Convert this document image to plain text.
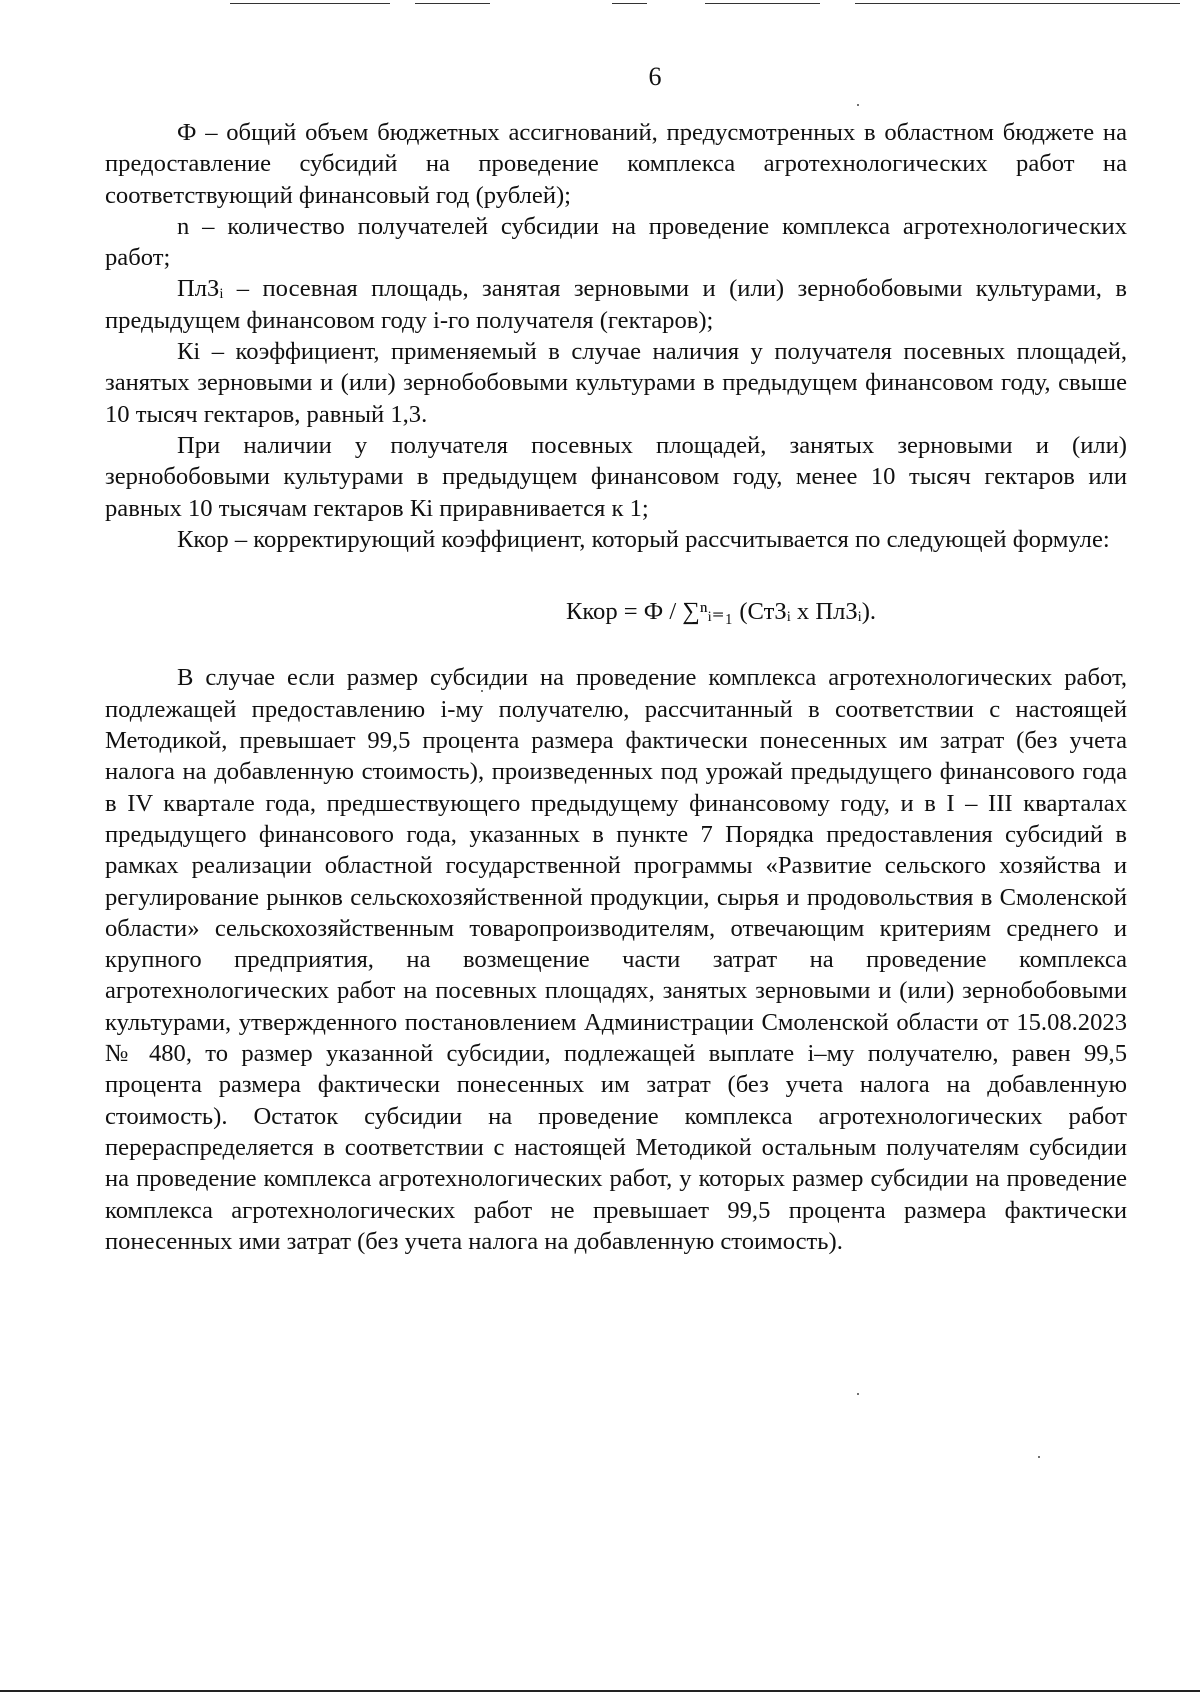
6

Ф – общий объем бюджетных ассигнований, предусмотренных в областном бюджете на предоставление субсидий на проведение комплекса агротехнологических работ на соответствующий финансовый год (рублей);

n – количество получателей субсидии на проведение комплекса агротехнологических работ;

ПлЗᵢ – посевная площадь, занятая зерновыми и (или) зернобобовыми культурами, в предыдущем финансовом году i-го получателя (гектаров);

Кi – коэффициент, применяемый в случае наличия у получателя посевных площадей, занятых зерновыми и (или) зернобобовыми культурами в предыдущем финансовом году, свыше 10 тысяч гектаров, равный 1,3.

При наличии у получателя посевных площадей, занятых зерновыми и (или) зернобобовыми культурами в предыдущем финансовом году, менее 10 тысяч гектаров или равных 10 тысячам гектаров Кi приравнивается к 1;

Ккор – корректирующий коэффициент, который рассчитывается по следующей формуле:

Ккор = Ф / ∑ⁿᵢ₌₁ (СтЗᵢ х ПлЗᵢ).

В случае если размер субсидии на проведение комплекса агротехнологических работ, подлежащей предоставлению i-му получателю, рассчитанный в соответствии с настоящей Методикой, превышает 99,5 процента размера фактически понесенных им затрат (без учета налога на добавленную стоимость), произведенных под урожай предыдущего финансового года в IV квартале года, предшествующего предыдущему финансовому году, и в I – III кварталах предыдущего финансового года, указанных в пункте 7 Порядка предоставления субсидий в рамках реализации областной государственной программы «Развитие сельского хозяйства и регулирование рынков сельскохозяйственной продукции, сырья и продовольствия в Смоленской области» сельскохозяйственным товаропроизводителям, отвечающим критериям среднего и крупного предприятия, на возмещение части затрат на проведение комплекса агротехнологических работ на посевных площадях, занятых зерновыми и (или) зернобобовыми культурами, утвержденного постановлением Администрации Смоленской области от 15.08.2023 № 480, то размер указанной субсидии, подлежащей выплате i–му получателю, равен 99,5 процента размера фактически понесенных им затрат (без учета налога на добавленную стоимость). Остаток субсидии на проведение комплекса агротехнологических работ перераспределяется в соответствии с настоящей Методикой остальным получателям субсидии на проведение комплекса агротехнологических работ, у которых размер субсидии на проведение комплекса агротехнологических работ не превышает 99,5 процента размера фактически понесенных ими затрат (без учета налога на добавленную стоимость).
